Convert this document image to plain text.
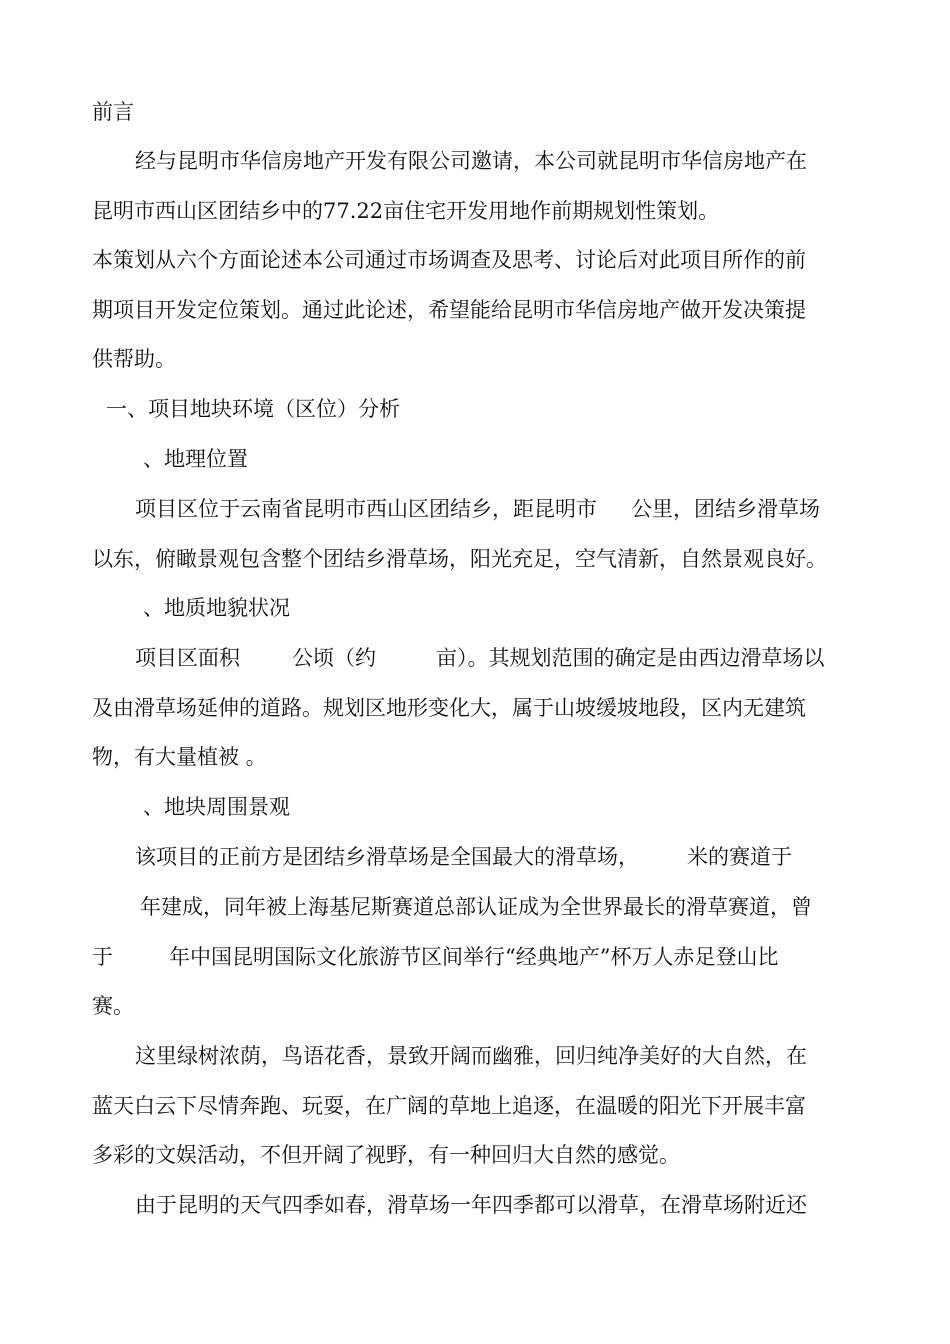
前言

经与昆明市华信房地产开发有限公司邀请，本公司就昆明市华信房地产在

昆明市西山区团结乡中的77.22亩住宅开发用地作前期规划性策划。

本策划从六个方面论述本公司通过市场调查及思考、讨论后对此项目所作的前

期项目开发定位策划。通过此论述，希望能给昆明市华信房地产做开发决策提

供帮助。

一、项目地块环境（区位）分析

、地理位置

项目区位于云南省昆明市西山区团结乡，距昆明市 公里，团结乡滑草场

以东，俯瞰景观包含整个团结乡滑草场，阳光充足，空气清新，自然景观良好。

、地质地貌状况

项目区面积 公顷（约	亩）。其规划范围的确定是由西边滑草场以

及由滑草场延伸的道路。规划区地形变化大，属于山坡缓坡地段，区内无建筑

物，有大量植被 。

、地块周围景观

该项目的正前方是团结乡滑草场是全国最大的滑草场， 米的赛道于

年建成，同年被上海基尼斯赛道总部认证成为全世界最长的滑草赛道，曾

于	年中国昆明国际文化旅游节区间举行“经典地产”杯万人赤足登山比

赛。

这里绿树浓荫，鸟语花香，景致开阔而幽雅，回归纯净美好的大自然，在

蓝天白云下尽情奔跑、玩耍，在广阔的草地上追逐，在温暖的阳光下开展丰富

多彩的文娱活动，不但开阔了视野，有一种回归大自然的感觉。

由于昆明的天气四季如春，滑草场一年四季都可以滑草，在滑草场附近还
